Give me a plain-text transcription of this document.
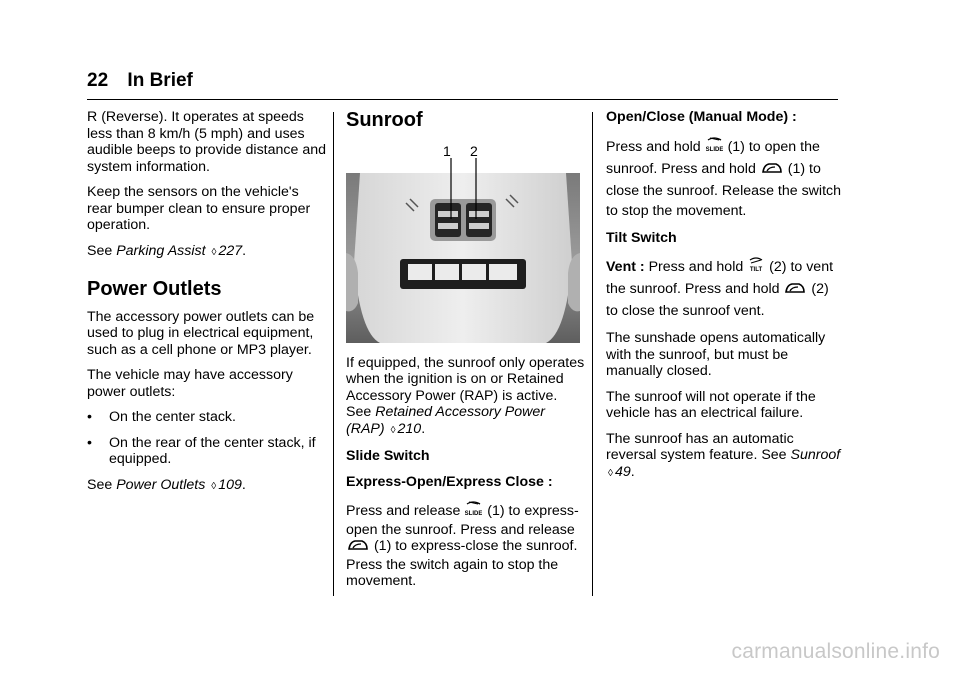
22 In Brief

R (Reverse). It operates at speeds less than 8 km/h (5 mph) and uses audible beeps to provide distance and system information.

Keep the sensors on the vehicle's rear bumper clean to ensure proper operation.

See Parking Assist ◊ 227.

Power Outlets

The accessory power outlets can be used to plug in electrical equipment, such as a cell phone or MP3 player.

The vehicle may have accessory power outlets:

•	On the center stack.
•	On the rear of the center stack, if equipped.

See Power Outlets ◊ 109.

Sunroof
1 2

If equipped, the sunroof only operates when the ignition is on or Retained Accessory Power (RAP) is active. See Retained Accessory Power (RAP) ◊ 210.

Slide Switch

Express-Open/Express Close :

Press and release SLIDE (1) to express-open the sunroof. Press and release  (1) to express-close the sunroof. Press the switch again to stop the movement.

Open/Close (Manual Mode) :

Press and hold SLIDE (1) to open the sunroof. Press and hold (1) to close the sunroof. Release the switch to stop the movement.

Tilt Switch

Vent : Press and hold TILT (2) to vent the sunroof. Press and hold (2) to close the sunroof vent.

The sunshade opens automatically with the sunroof, but must be manually closed.

The sunroof will not operate if the vehicle has an electrical failure.

The sunroof has an automatic reversal system feature. See Sunroof ◊ 49.

carmanualsonline.info
